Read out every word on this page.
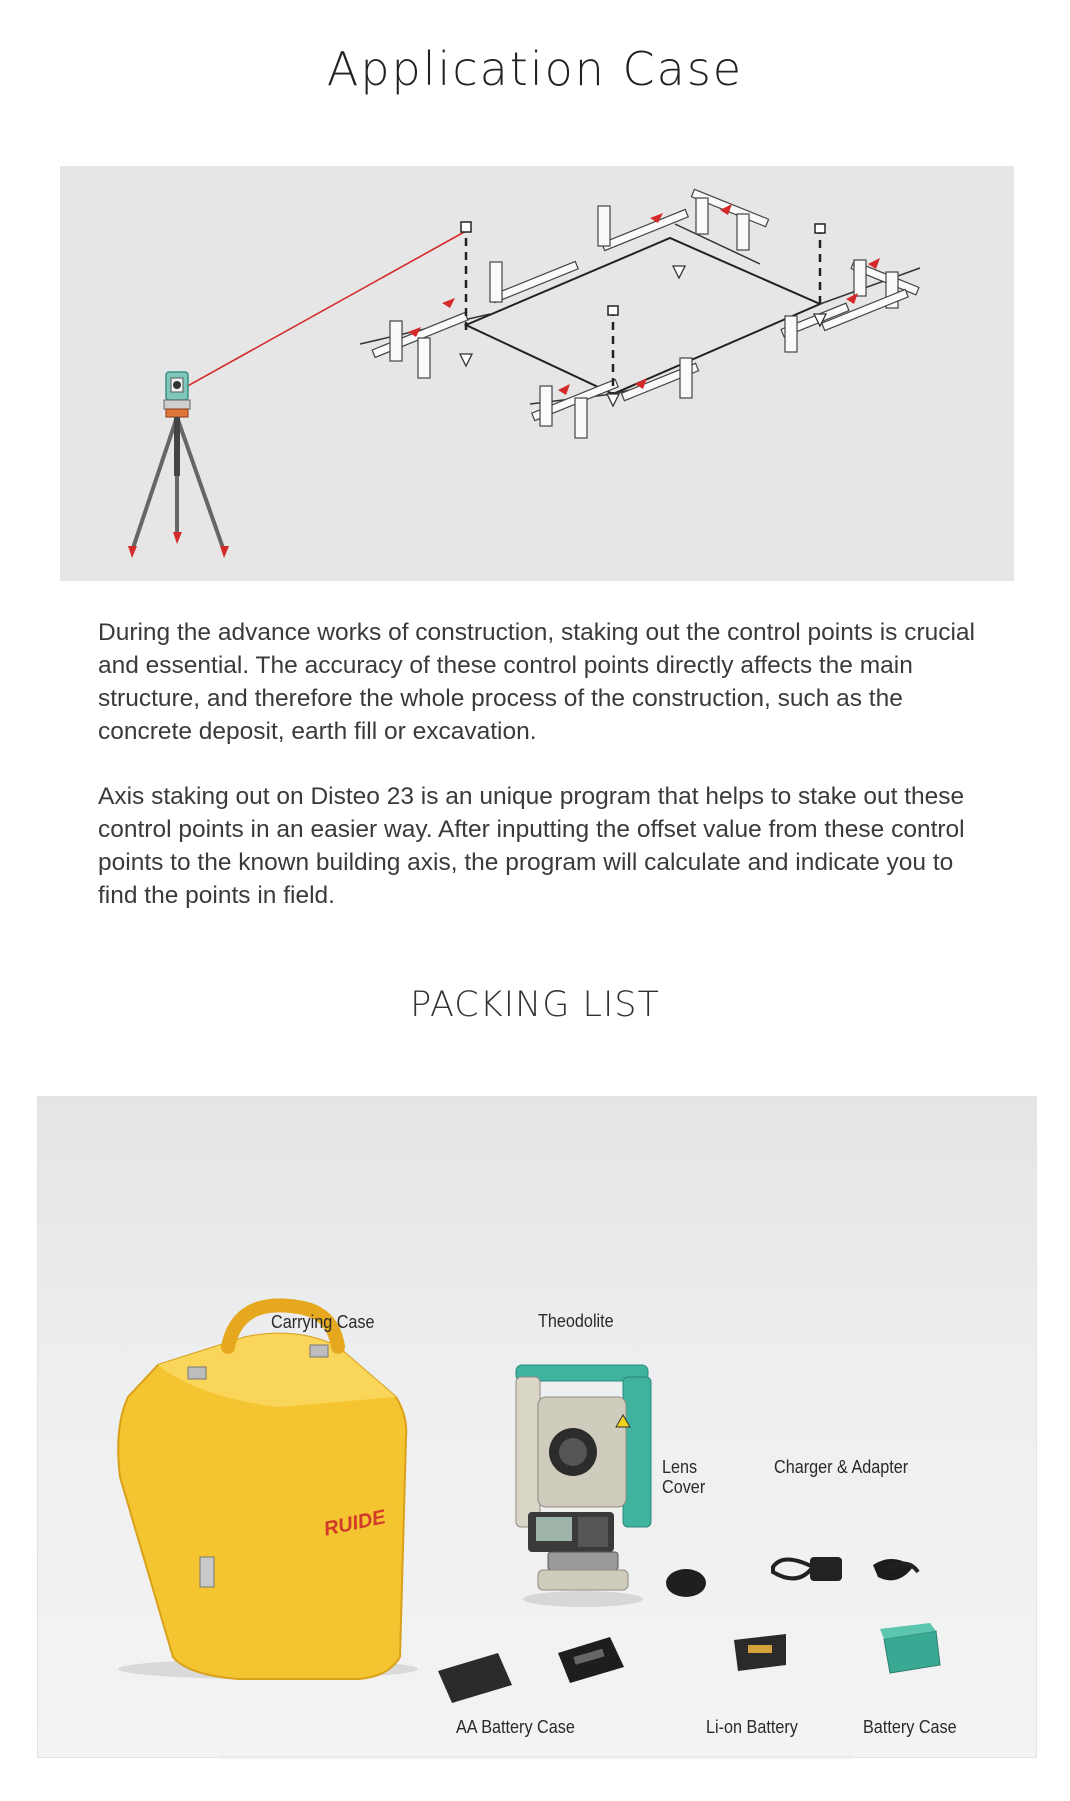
Application Case

During the advance works of construction, staking out the control points is crucial and essential. The accuracy of these control points directly affects the main structure, and therefore the whole process of the construction, such as the concrete deposit, earth fill or excavation.

Axis staking out on Disteo 23 is an unique program that helps to stake out these control points in an easier way. After inputting the offset value from these control points to the known building axis, the program will calculate and indicate you to find the points in field.

PACKING LIST
RUIDE
Carrying Case	Theodolite
Lens
Cover
Charger & Adapter
AA Battery Case	Li-on Battery	Battery Case
